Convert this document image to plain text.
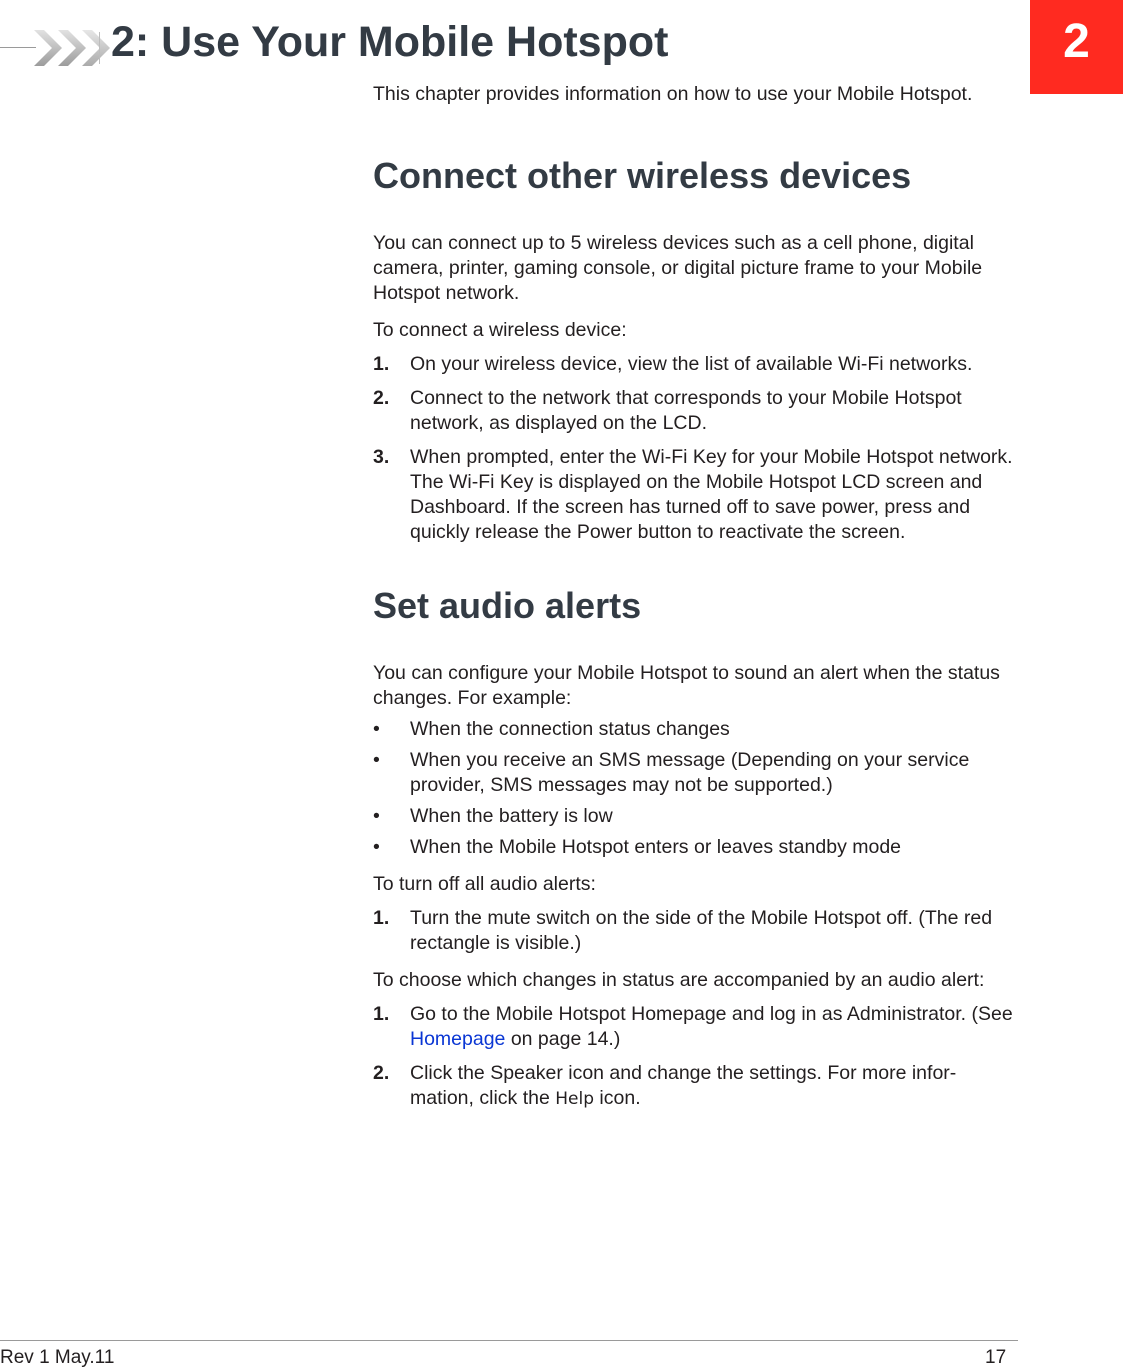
2: Use Your Mobile Hotspot	2

This chapter provides information on how to use your Mobile Hotspot.

Connect other wireless devices

You can connect up to 5 wireless devices such as a cell phone, digital camera, printer, gaming console, or digital picture frame to your Mobile Hotspot network.

To connect a wireless device:

1. On your wireless device, view the list of available Wi-Fi networks.
2. Connect to the network that corresponds to your Mobile Hotspot network, as displayed on the LCD.
3. When prompted, enter the Wi-Fi Key for your Mobile Hotspot network. The Wi-Fi Key is displayed on the Mobile Hotspot LCD screen and Dashboard. If the screen has turned off to save power, press and quickly release the Power button to reactivate the screen.
Set audio alerts

You can configure your Mobile Hotspot to sound an alert when the status changes. For example:

• When the connection status changes
• When you receive an SMS message (Depending on your service provider, SMS messages may not be supported.)
• When the battery is low
• When the Mobile Hotspot enters or leaves standby mode

To turn off all audio alerts:

1. Turn the mute switch on the side of the Mobile Hotspot off. (The red rectangle is visible.)

To choose which changes in status are accompanied by an audio alert:

1. Go to the Mobile Hotspot Homepage and log in as Administrator. (See Homepage on page 14.)
2. Click the Speaker icon and change the settings. For more infor-mation, click the Help icon.
Rev 1 May.11	17
